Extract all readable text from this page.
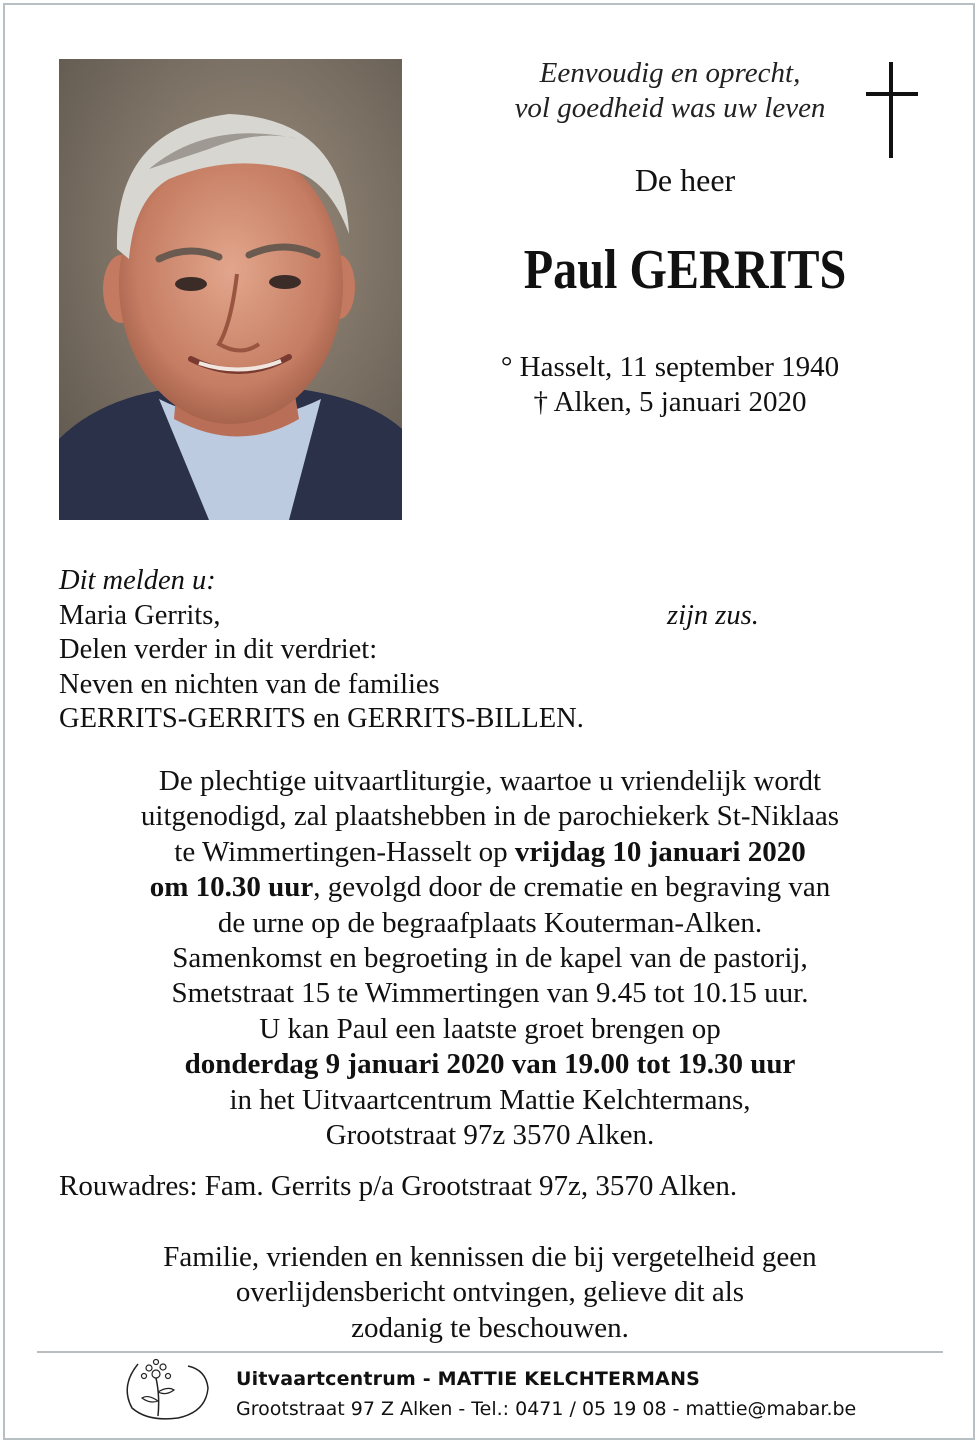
Eenvoudig en oprecht,
vol goedheid was uw leven
De heer
Paul GERRITS
° Hasselt, 11 september 1940
† Alken, 5 januari 2020
Dit melden u:
Maria Gerrits,	zijn zus.
Delen verder in dit verdriet:
Neven en nichten van de families
GERRITS-GERRITS en GERRITS-BILLEN.
De plechtige uitvaartliturgie, waartoe u vriendelijk wordt
uitgenodigd, zal plaatshebben in de parochiekerk St-Niklaas
te Wimmertingen-Hasselt op vrijdag 10 januari 2020
om 10.30 uur, gevolgd door de crematie en begraving van
de urne op de begraafplaats Kouterman-Alken.
Samenkomst en begroeting in de kapel van de pastorij,
Smetstraat 15 te Wimmertingen van 9.45 tot 10.15 uur.
U kan Paul een laatste groet brengen op
donderdag 9 januari 2020 van 19.00 tot 19.30 uur
in het Uitvaartcentrum Mattie Kelchtermans,
Grootstraat 97z 3570 Alken.
Rouwadres: Fam. Gerrits p/a Grootstraat 97z, 3570 Alken.
Familie, vrienden en kennissen die bij vergetelheid geen
overlijdensbericht ontvingen, gelieve dit als
zodanig te beschouwen.
Uitvaartcentrum - MATTIE KELCHTERMANS
Grootstraat 97 Z Alken - Tel.: 0471 / 05 19 08 - mattie@mabar.be
